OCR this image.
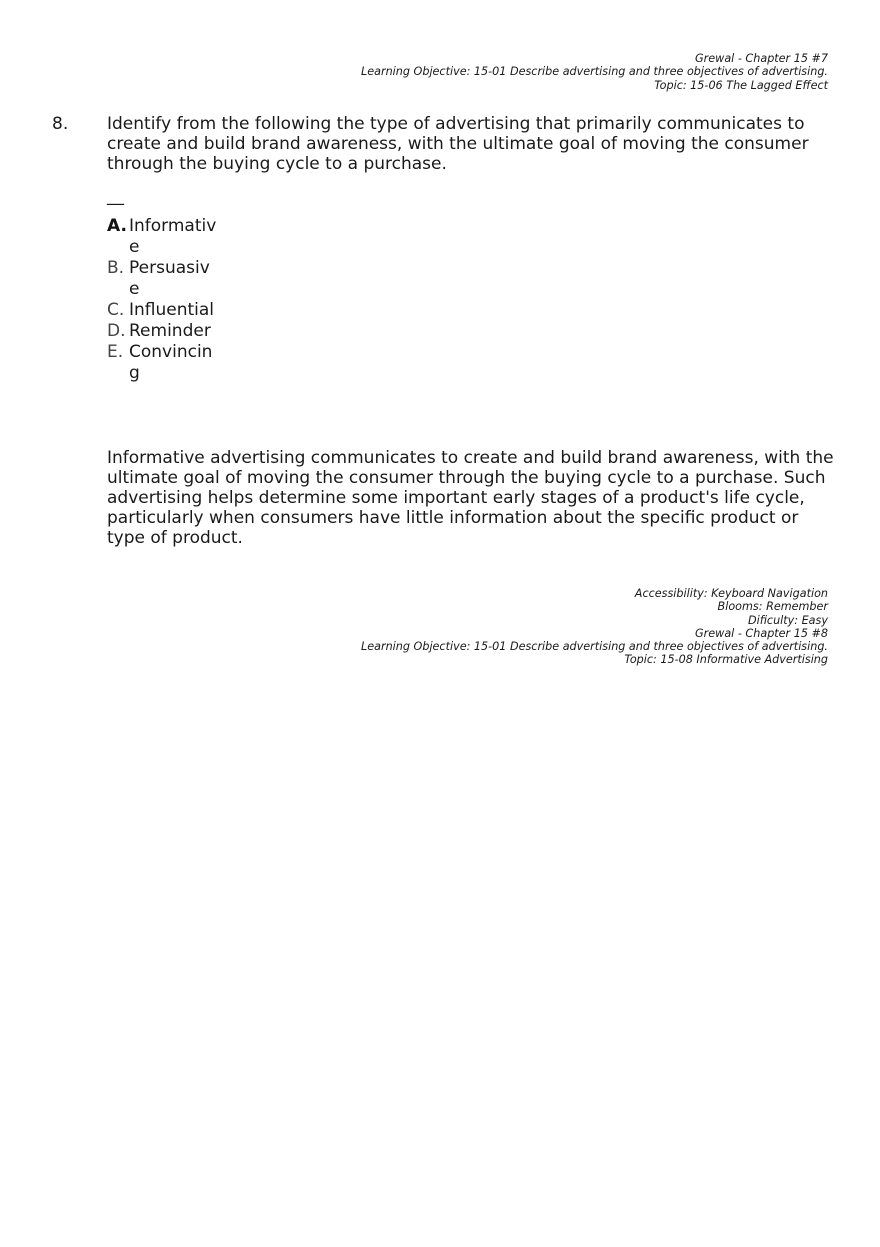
Grewal - Chapter 15 #7
Learning Objective: 15-01 Describe advertising and three objectives of advertising.
Topic: 15-06 The Lagged Effect
8. Identify from the following the type of advertising that primarily communicates to create and build brand awareness, with the ultimate goal of moving the consumer through the buying cycle to a purchase.
__
A. Informative
B. Persuasive
C. Influential
D. Reminder
E. Convincing
Informative advertising communicates to create and build brand awareness, with the ultimate goal of moving the consumer through the buying cycle to a purchase. Such advertising helps determine some important early stages of a product's life cycle, particularly when consumers have little information about the specific product or type of product.
Accessibility: Keyboard Navigation
Blooms: Remember
Dificulty: Easy
Grewal - Chapter 15 #8
Learning Objective: 15-01 Describe advertising and three objectives of advertising.
Topic: 15-08 Informative Advertising
